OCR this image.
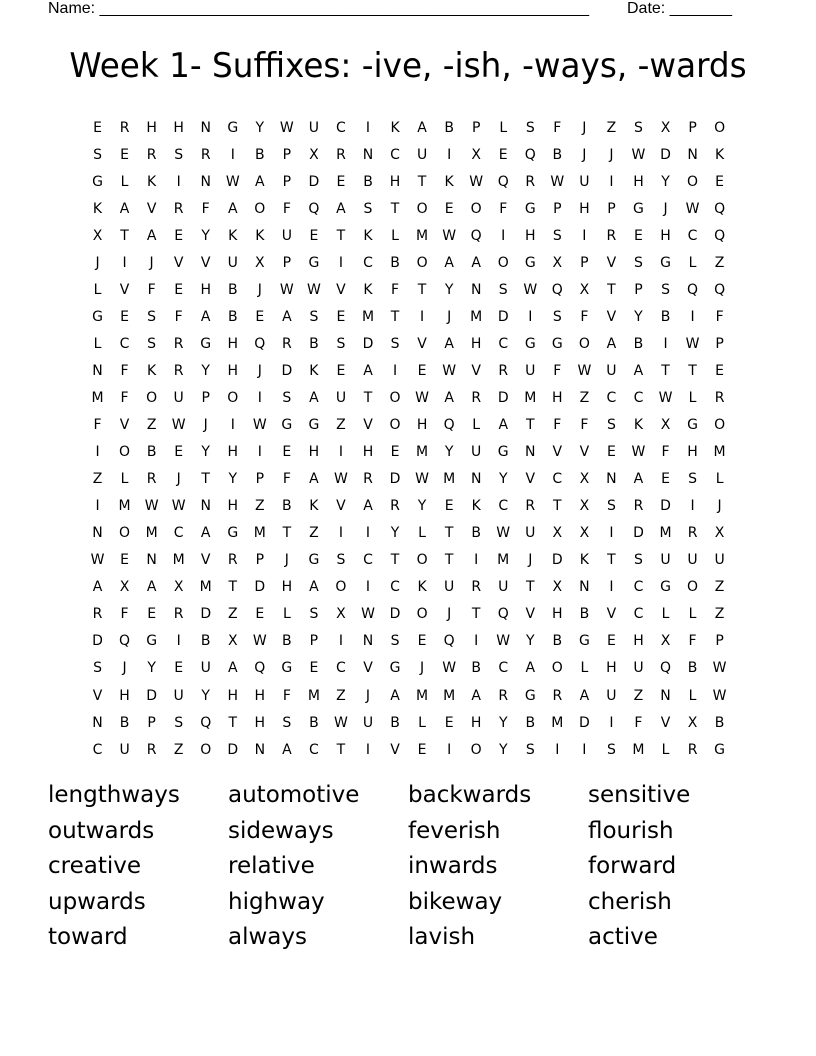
Name: _______________________________________________________ Date: _______
Week 1- Suffixes: -ive, -ish, -ways, -wards
E	R	H	H	N	G	Y	W	U	C	I	K	A	B	P	L	S	F	J	Z	S	X	P	O
S	E	R	S	R	I	B	P	X	R	N	C	U	I	X	E	Q	B	J	J	W	D	N	K
G	L	K	I	N	W	A	P	D	E	B	H	T	K	W	Q	R	W	U	I	H	Y	O	E
K	A	V	R	F	A	O	F	Q	A	S	T	O	E	O	F	G	P	H	P	G	J	W	Q
X	T	A	E	Y	K	K	U	E	T	K	L	M	W	Q	I	H	S	I	R	E	H	C	Q
J	I	J	V	V	U	X	P	G	I	C	B	O	A	A	O	G	X	P	V	S	G	L	Z
L	V	F	E	H	B	J	W W	V	K	F	T	Y	N	S	W	Q	X	T	P	S	Q	Q
G	E	S	F	A	B	E	A	S	E	M	T	I	J	M	D	I	S	F	V	Y	B	I	F
L	C	S	R	G	H	Q	R	B	S	D	S	V	A	H	C	G	G	O	A	B	I	W	P
N	F	K	R	Y	H	J	D	K	E	A	I	E	W	V	R	U	F	W	U	A	T	T	E
M	F	O	U	P	O	I	S	A	U	T	O	W	A	R	D	M	H	Z	C	C	W	L	R
F	V	Z	W	J	I	W	G	G	Z	V	O	H	Q	L	A	T	F	F	S	K	X	G	O
I	O	B	E	Y	H	I	E	H	I	H	E	M	Y	U	G	N	V	V	E	W	F	H	M
Z	L	R	J	T	Y	P	F	A	W	R	D	W	M	N	Y	V	C	X	N	A	E	S	L
I	M	W W	N	H	Z	B	K	V	A	R	Y	E	K	C	R	T	X	S	R	D	I	J
N	O	M	C	A	G	M	T	Z	I	I	Y	L	T	B	W	U	X	X	I	D	M	R	X
W	E	N	M	V	R	P	J	G	S	C	T	O	T	I	M	J	D	K	T	S	U	U	U
A	X	A	X	M	T	D	H	A	O	I	C	K	U	R	U	T	X	N	I	C	G	O	Z
R	F	E	R	D	Z	E	L	S	X	W	D	O	J	T	Q	V	H	B	V	C	L	L	Z
D	Q	G	I	B	X	W	B	P	I	N	S	E	Q	I	W	Y	B	G	E	H	X	F	P
S	J	Y	E	U	A	Q	G	E	C	V	G	J	W	B	C	A	O	L	H	U	Q	B	W
V	H	D	U	Y	H	H	F	M	Z	J	A	M	M	A	R	G	R	A	U	Z	N	L	W
N	B	P	S	Q	T	H	S	B	W	U	B	L	E	H	Y	B	M	D	I	F	V	X	B
C	U	R	Z	O	D	N	A	C	T	I	V	E	I	O	Y	S	I	I	S	M	L	R	G
lengthways	automotive	backwards	sensitive
outwards	sideways	feverish	flourish
creative	relative	inwards	forward
upwards	highway	bikeway	cherish
toward	always	lavish	active
